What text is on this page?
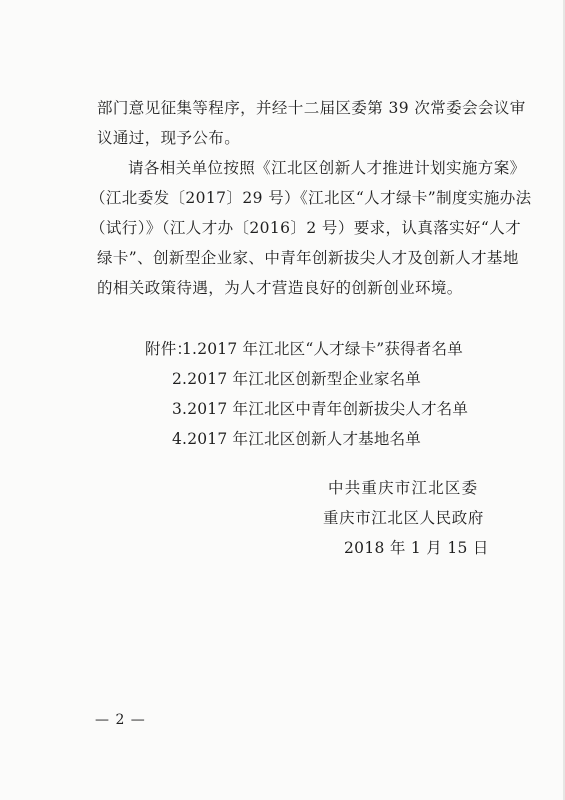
部门意见征集等程序，并经十二届区委第 39 次常委会会议审
议通过，现予公布。
请各相关单位按照《江北区创新人才推进计划实施方案》
（江北委发〔2017〕29 号）《江北区“人才绿卡”制度实施办法
（试行）》（江人才办〔2016〕2 号）要求，认真落实好“人才
绿卡”、创新型企业家、中青年创新拔尖人才及创新人才基地
的相关政策待遇，为人才营造良好的创新创业环境。
附件：
1.2017 年江北区“人才绿卡”获得者名单
2.2017 年江北区创新型企业家名单
3.2017 年江北区中青年创新拔尖人才名单
4.2017 年江北区创新人才基地名单
中共重庆市江北区委
重庆市江北区人民政府
2018 年 1 月 15 日
— 2 —
